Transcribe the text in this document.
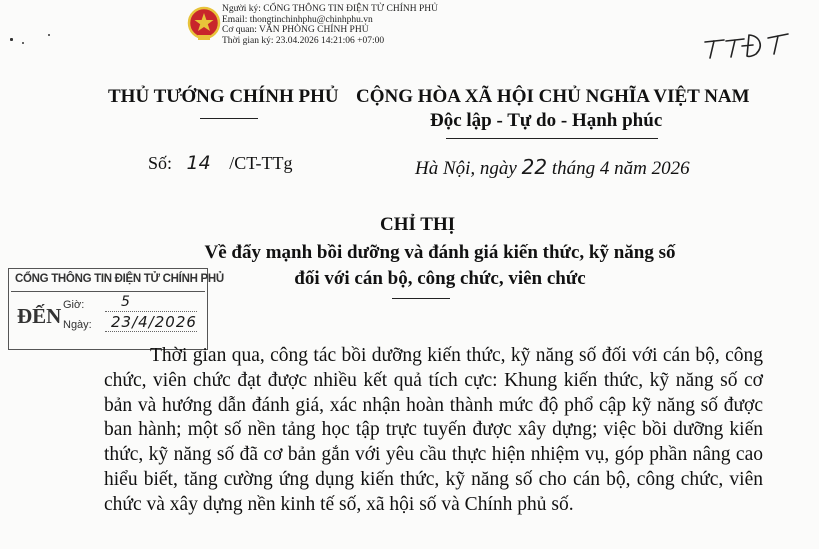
Người ký: CỔNG THÔNG TIN ĐIỆN TỬ CHÍNH PHỦ
Email: thongtinchinhphu@chinhphu.vn
Cơ quan: VĂN PHÒNG CHÍNH PHỦ
Thời gian ký: 23.04.2026 14:21:06 +07:00
THỦ TƯỚNG CHÍNH PHỦ CỘNG HÒA XÃ HỘI CHỦ NGHĨA VIỆT NAM
Độc lập - Tự do - Hạnh phúc
Số: 14 /CT-TTg	Hà Nội, ngày 22 tháng 4 năm 2026
CHỈ THỊ
Về đẩy mạnh bồi dưỡng và đánh giá kiến thức, kỹ năng số
đối với cán bộ, công chức, viên chức
CỔNG THÔNG TIN ĐIỆN TỬ CHÍNH PHỦ
ĐẾN Giờ:	5
Ngày: 23/4/2026
Thời gian qua, công tác bồi dưỡng kiến thức, kỹ năng số đối với cán bộ, công chức, viên chức đạt được nhiều kết quả tích cực: Khung kiến thức, kỹ năng số cơ bản và hướng dẫn đánh giá, xác nhận hoàn thành mức độ phổ cập kỹ năng số được ban hành; một số nền tảng học tập trực tuyến được xây dựng; việc bồi dưỡng kiến thức, kỹ năng số đã cơ bản gắn với yêu cầu thực hiện nhiệm vụ, góp phần nâng cao hiểu biết, tăng cường ứng dụng kiến thức, kỹ năng số cho cán bộ, công chức, viên chức và xây dựng nền kinh tế số, xã hội số và Chính phủ số.
